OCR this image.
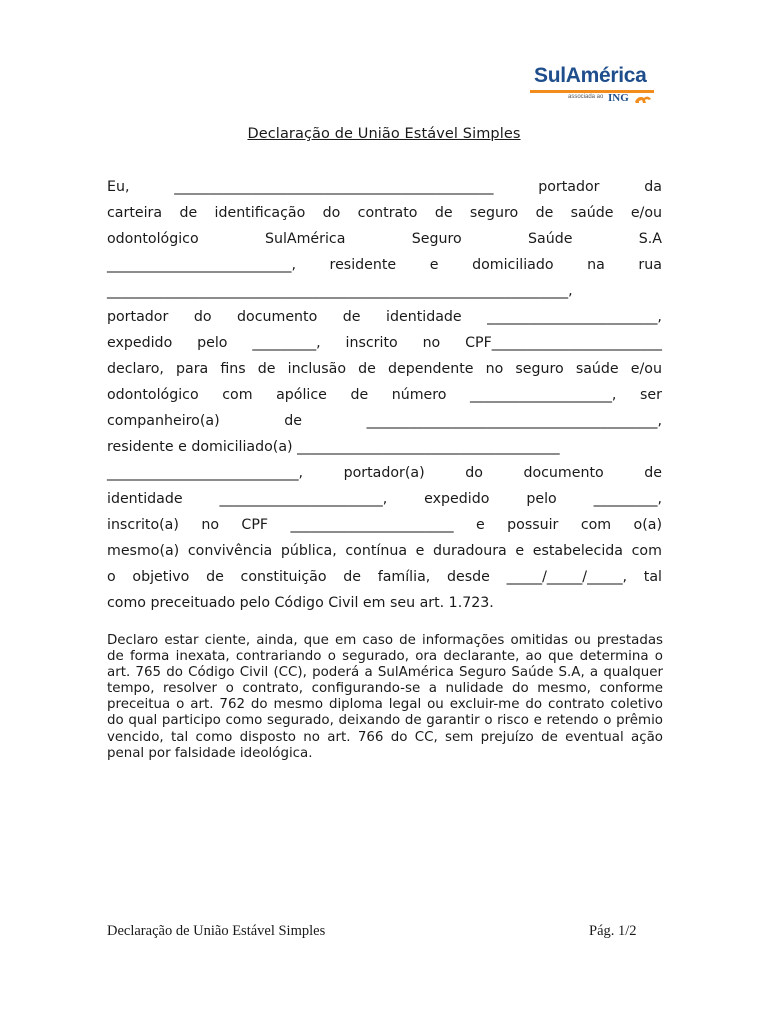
SulAmérica
associada ao ING
Declaração de União Estável Simples
Eu,	_____________________________________________	portador	da
carteira de identificação do contrato de seguro de saúde e/ou
odontológico	SulAmérica	Seguro	Saúde	S.A
__________________________, residente e domiciliado na rua
_________________________________________________________________,
portador do documento de identidade ________________________,
expedido pelo _________, inscrito no CPF________________________
declaro, para fins de inclusão de dependente no seguro saúde e/ou
odontológico com apólice de número ____________________, ser
companheiro(a)	de	_________________________________________,
residente e domiciliado(a) _____________________________________
___________________________,	portador(a)	do	documento	de
identidade	_______________________,	expedido	pelo	_________,
inscrito(a) no CPF _______________________ e possuir com o(a)
mesmo(a) convivência pública, contínua e duradoura e estabelecida com
o objetivo de constituição de família, desde _____/_____/_____, tal
como preceituado pelo Código Civil em seu art. 1.723.

Declaro estar ciente, ainda, que em caso de informações omitidas ou prestadas de forma inexata, contrariando o segurado, ora declarante, ao que determina o art. 765 do Código Civil (CC), poderá a SulAmérica Seguro Saúde S.A, a qualquer tempo, resolver o contrato, configurando-se a nulidade do mesmo, conforme preceitua o art. 762 do mesmo diploma legal ou excluir-me do contrato coletivo do qual participo como segurado, deixando de garantir o risco e retendo o prêmio vencido, tal como disposto no art. 766 do CC, sem prejuízo de eventual ação penal por falsidade ideológica.

Declaração de União Estável Simples	Pág. 1/2
